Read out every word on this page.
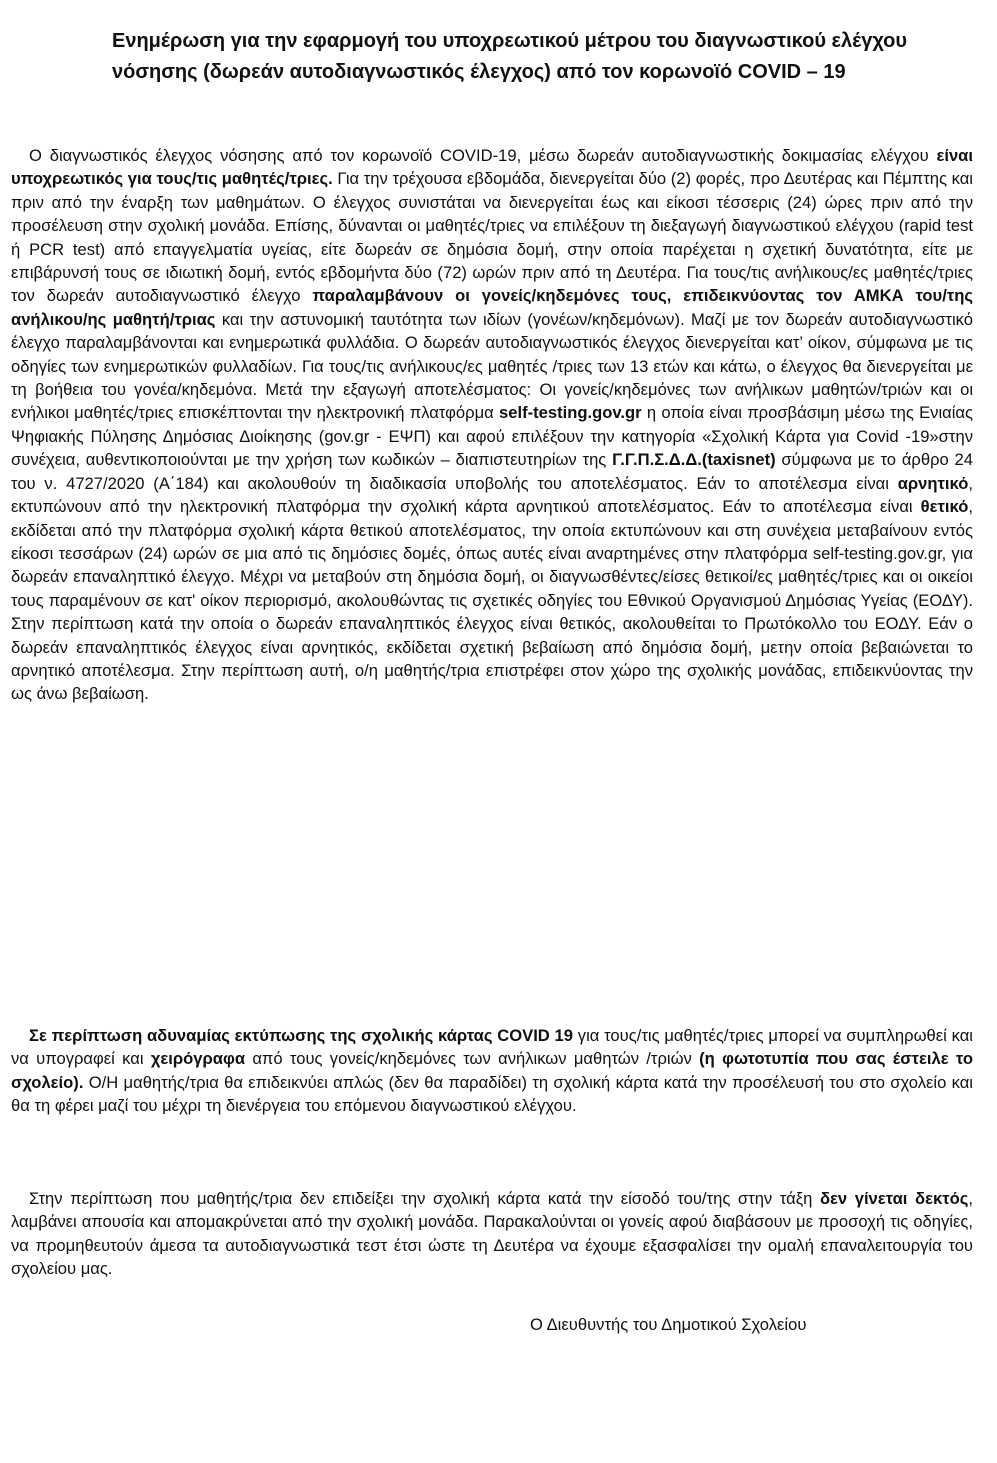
Ενημέρωση για την εφαρμογή του υποχρεωτικού μέτρου του διαγνωστικού ελέγχου νόσησης (δωρεάν αυτοδιαγνωστικός έλεγχος) από τον κορωνοϊό COVID – 19

Ο διαγνωστικός έλεγχος νόσησης από τον κορωνοϊό COVID-19, μέσω δωρεάν αυτοδιαγνωστικής δοκιμασίας ελέγχου είναι υποχρεωτικός για τους/τις μαθητές/τριες. Για την τρέχουσα εβδομάδα, διενεργείται δύο (2) φορές, προ Δευτέρας και Πέμπτης και πριν από την έναρξη των μαθημάτων. Ο έλεγχος συνιστάται να διενεργείται έως και είκοσι τέσσερις (24) ώρες πριν από την προσέλευση στην σχολική μονάδα. Επίσης, δύνανται οι μαθητές/τριες να επιλέξουν τη διεξαγωγή διαγνωστικού ελέγχου (rapid test ή PCR test) από επαγγελματία υγείας, είτε δωρεάν σε δημόσια δομή, στην οποία παρέχεται η σχετική δυνατότητα, είτε με επιβάρυνσή τους σε ιδιωτική δομή, εντός εβδομήντα δύο (72) ωρών πριν από τη Δευτέρα. Για τους/τις ανήλικους/ες μαθητές/τριες τον δωρεάν αυτοδιαγνωστικό έλεγχο παραλαμβάνουν οι γονείς/κηδεμόνες τους, επιδεικνύοντας τον ΑΜΚΑ του/της ανήλικου/ης μαθητή/τριας και την αστυνομική ταυτότητα των ιδίων (γονέων/κηδεμόνων). Μαζί με τον δωρεάν αυτοδιαγνωστικό έλεγχο παραλαμβάνονται και ενημερωτικά φυλλάδια. Ο δωρεάν αυτοδιαγνωστικός έλεγχος διενεργείται κατ’ οίκον, σύμφωνα με τις οδηγίες των ενημερωτικών φυλλαδίων. Για τους/τις ανήλικους/ες μαθητές /τριες των 13 ετών και κάτω, ο έλεγχος θα διενεργείται με τη βοήθεια του γονέα/κηδεμόνα. Μετά την εξαγωγή αποτελέσματος: Οι γονείς/κηδεμόνες των ανήλικων μαθητών/τριών και οι ενήλικοι μαθητές/τριες επισκέπτονται την ηλεκτρονική πλατφόρμα self-testing.gov.gr η οποία είναι προσβάσιμη μέσω της Ενιαίας Ψηφιακής Πύλησης Δημόσιας Διοίκησης (gov.gr - ΕΨΠ) και αφού επιλέξουν την κατηγορία «Σχολική Κάρτα για Covid -19»στην συνέχεια, αυθεντικοποιούνται με την χρήση των κωδικών – διαπιστευτηρίων της Γ.Γ.Π.Σ.Δ.Δ.(taxisnet) σύμφωνα με το άρθρο 24 του ν. 4727/2020 (Α΄184) και ακολουθούν τη διαδικασία υποβολής του αποτελέσματος. Εάν το αποτέλεσμα είναι αρνητικό, εκτυπώνουν από την ηλεκτρονική πλατφόρμα την σχολική κάρτα αρνητικού αποτελέσματος. Εάν το αποτέλεσμα είναι θετικό, εκδίδεται από την πλατφόρμα σχολική κάρτα θετικού αποτελέσματος, την οποία εκτυπώνουν και στη συνέχεια μεταβαίνουν εντός είκοσι τεσσάρων (24) ωρών σε μια από τις δημόσιες δομές, όπως αυτές είναι αναρτημένες στην πλατφόρμα self-testing.gov.gr, για δωρεάν επαναληπτικό έλεγχο. Μέχρι να μεταβούν στη δημόσια δομή, οι διαγνωσθέντες/είσες θετικοί/ες μαθητές/τριες και οι οικείοι τους παραμένουν σε κατ' οίκον περιορισμό, ακολουθώντας τις σχετικές οδηγίες του Εθνικού Οργανισμού Δημόσιας Υγείας (ΕΟΔΥ). Στην περίπτωση κατά την οποία ο δωρεάν επαναληπτικός έλεγχος είναι θετικός, ακολουθείται το Πρωτόκολλο του ΕΟΔΥ. Εάν ο δωρεάν επαναληπτικός έλεγχος είναι αρνητικός, εκδίδεται σχετική βεβαίωση από δημόσια δομή, μετην οποία βεβαιώνεται το αρνητικό αποτέλεσμα. Στην περίπτωση αυτή, ο/η μαθητής/τρια επιστρέφει στον χώρο της σχολικής μονάδας, επιδεικνύοντας την ως άνω βεβαίωση.

Σε περίπτωση αδυναμίας εκτύπωσης της σχολικής κάρτας COVID 19 για τους/τις μαθητές/τριες μπορεί να συμπληρωθεί και να υπογραφεί και χειρόγραφα από τους γονείς/κηδεμόνες των ανήλικων μαθητών /τριών (η φωτοτυπία που σας έστειλε το σχολείο). Ο/Η μαθητής/τρια θα επιδεικνύει απλώς (δεν θα παραδίδει) τη σχολική κάρτα κατά την προσέλευσή του στο σχολείο και θα τη φέρει μαζί του μέχρι τη διενέργεια του επόμενου διαγνωστικού ελέγχου.

Στην περίπτωση που μαθητής/τρια δεν επιδείξει την σχολική κάρτα κατά την είσοδό του/της στην τάξη δεν γίνεται δεκτός, λαμβάνει απουσία και απομακρύνεται από την σχολική μονάδα. Παρακαλούνται οι γονείς αφού διαβάσουν με προσοχή τις οδηγίες, να προμηθευτούν άμεσα τα αυτοδιαγνωστικά τεστ έτσι ώστε τη Δευτέρα να έχουμε εξασφαλίσει την ομαλή επαναλειτουργία του σχολείου μας.

Ο Διευθυντής του Δημοτικού Σχολείου
